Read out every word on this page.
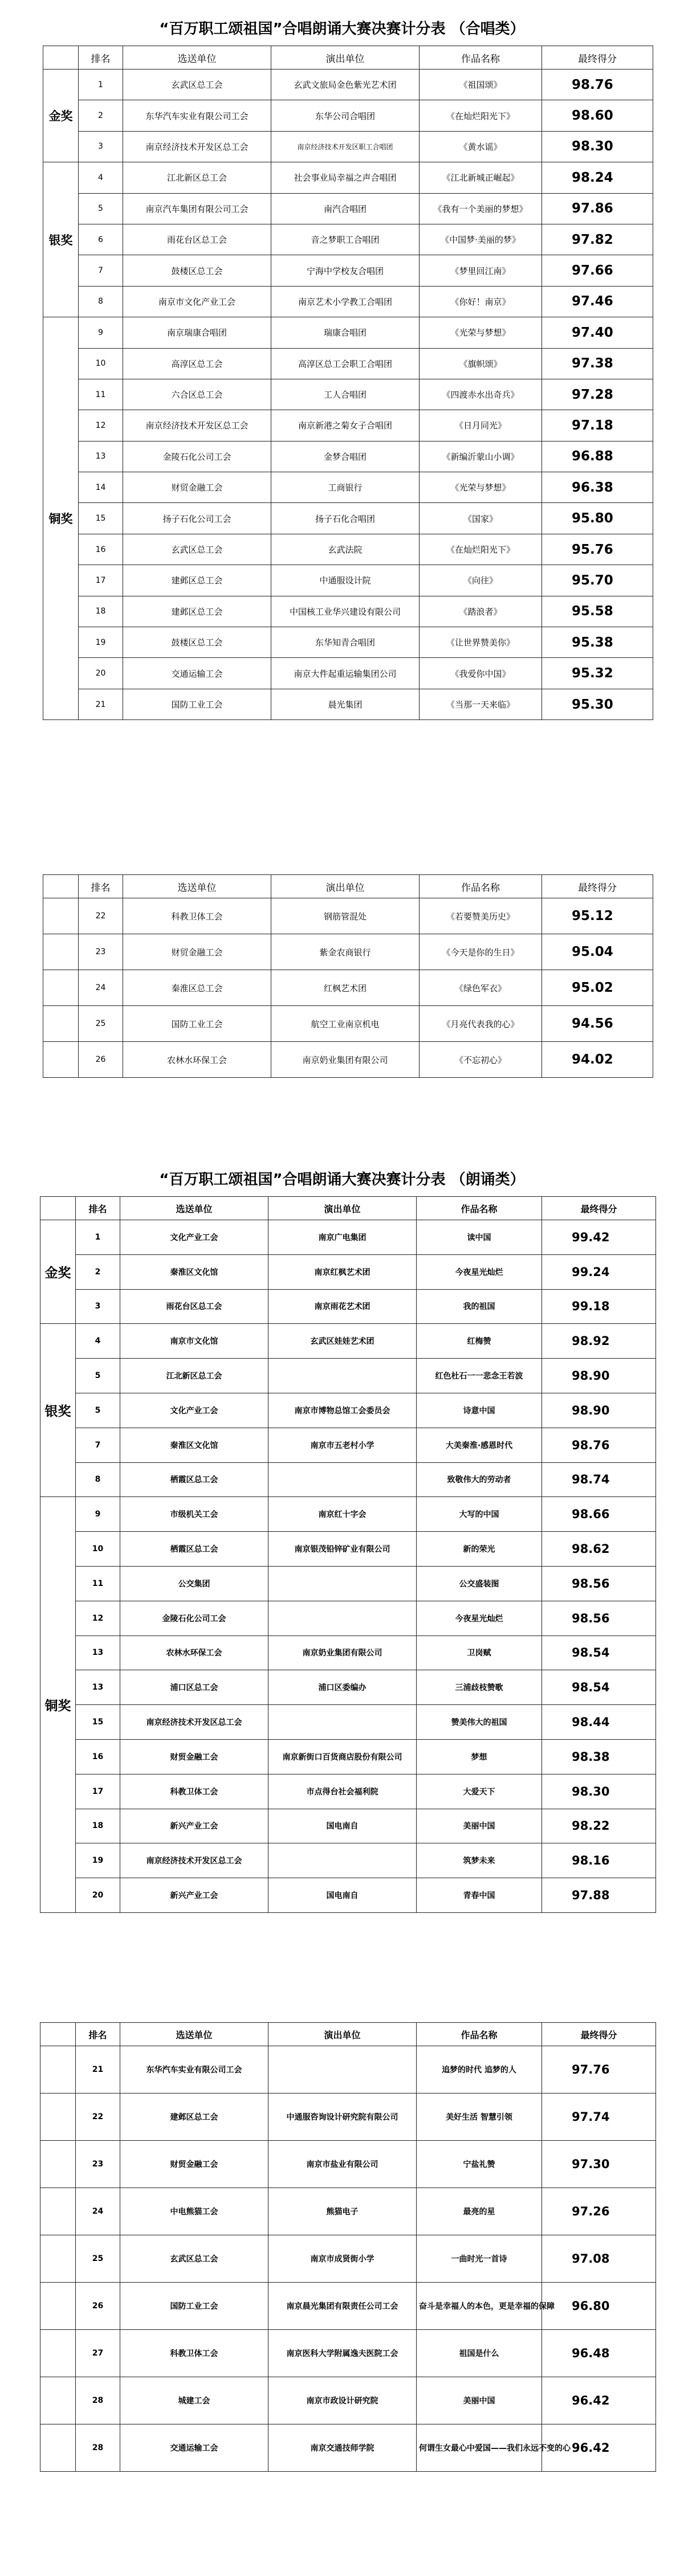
“百万职工颂祖国”合唱朗诵大赛决赛计分表 （合唱类）
	排名	选送单位	演出单位	作品名称	最终得分
金奖	1	玄武区总工会	玄武文旅局金色紫光艺术团	《祖国颂》	98.76
	2	东华汽车实业有限公司工会	东华公司合唱团	《在灿烂阳光下》	98.60
	3	南京经济技术开发区总工会	南京经济技术开发区职工合唱团	《黄水谣》	98.30
银奖	4	江北新区总工会	社会事业局幸福之声合唱团	《江北新城正崛起》	98.24
	5	南京汽车集团有限公司工会	南汽合唱团	《我有一个美丽的梦想》	97.86
	6	雨花台区总工会	音之梦职工合唱团	《中国梦·美丽的梦》	97.82
	7	鼓楼区总工会	宁海中学校友合唱团	《梦里回江南》	97.66
	8	南京市文化产业工会	南京艺术小学教工合唱团	《你好！南京》	97.46
铜奖	9	南京瑞康合唱团	瑞康合唱团	《光荣与梦想》	97.40
	10	高淳区总工会	高淳区总工会职工合唱团	《旗帜颂》	97.38
	11	六合区总工会	工人合唱团	《四渡赤水出奇兵》	97.28
	12	南京经济技术开发区总工会	南京新港之菊女子合唱团	《日月同光》	97.18
	13	金陵石化公司工会	金梦合唱团	《新编沂蒙山小调》	96.88
	14	财贸金融工会	工商银行	《光荣与梦想》	96.38
	15	扬子石化公司工会	扬子石化合唱团	《国家》	95.80
	16	玄武区总工会	玄武法院	《在灿烂阳光下》	95.76
	17	建邺区总工会	中通服设计院	《向往》	95.70
	18	建邺区总工会	中国核工业华兴建设有限公司	《踏浪者》	95.58
	19	鼓楼区总工会	东华知青合唱团	《让世界赞美你》	95.38
	20	交通运输工会	南京大件起重运输集团公司	《我爱你中国》	95.32
	21	国防工业工会	晨光集团	《当那一天来临》	95.30
	排名	选送单位	演出单位	作品名称	最终得分
	22	科教卫体工会	钢筋管混处	《若要赞美历史》	95.12
	23	财贸金融工会	紫金农商银行	《今天是你的生日》	95.04
	24	秦淮区总工会	红枫艺术团	《绿色军衣》	95.02
	25	国防工业工会	航空工业南京机电	《月亮代表我的心》	94.56
	26	农林水环保工会	南京奶业集团有限公司	《不忘初心》	94.02
“百万职工颂祖国”合唱朗诵大赛决赛计分表 （朗诵类）
	排名	选送单位	演出单位	作品名称	最终得分
金奖	1	文化产业工会	南京广电集团	读中国	99.42
	2	秦淮区文化馆	南京红枫艺术团	今夜星光灿烂	99.24
	3	雨花台区总工会	南京雨花艺术团	我的祖国	99.18
银奖	4	南京市文化馆	玄武区娃娃艺术团	红梅赞	98.92
	5	江北新区总工会		红色杜石一一悲念王若波	98.90
	5	文化产业工会	南京市博物总馆工会委员会	诗意中国	98.90
	7	秦淮区文化馆	南京市五老村小学	大美秦淮·感恩时代	98.76
	8	栖霞区总工会		致敬伟大的劳动者	98.74
铜奖	9	市级机关工会	南京红十字会	大写的中国	98.66
	10	栖霞区总工会	南京银茂铅锌矿业有限公司	新的荣光	98.62
	11	公交集团		公交盛装图	98.56
	12	金陵石化公司工会		今夜星光灿烂	98.56
	13	农林水环保工会	南京奶业集团有限公司	卫岗赋	98.54
	13	浦口区总工会	浦口区委编办	三浦歧枝赞歌	98.54
	15	南京经济技术开发区总工会		赞美伟大的祖国	98.44
	16	财贸金融工会	南京新街口百货商店股份有限公司	梦想	98.38
	17	科教卫体工会	市点得台社会福利院	大爱天下	98.30
	18	新兴产业工会	国电南自	美丽中国	98.22
	19	南京经济技术开发区总工会		筑梦未来	98.16
	20	新兴产业工会	国电南自	青春中国	97.88
	排名	选送单位	演出单位	作品名称	最终得分
	21	东华汽车实业有限公司工会		追梦的时代 追梦的人	97.76
	22	建邺区总工会	中通服咨询设计研究院有限公司	美好生活 智慧引领	97.74
	23	财贸金融工会	南京市盐业有限公司	宁盐礼赞	97.30
	24	中电熊猫工会	熊猫电子	最亮的星	97.26
	25	玄武区总工会	南京市成贤街小学	一曲时光一首诗	97.08
	26	国防工业工会	南京晨光集团有限责任公司工会	奋斗是幸福人的本色，更是幸福的保障	96.80
	27	科教卫体工会	南京医科大学附属逸夫医院工会	祖国是什么	96.48
	28	城建工会	南京市政设计研究院	美丽中国	96.42
	28	交通运输工会	南京交通技师学院	何谓生女最心中爱国——我们永远不变的心	96.42
